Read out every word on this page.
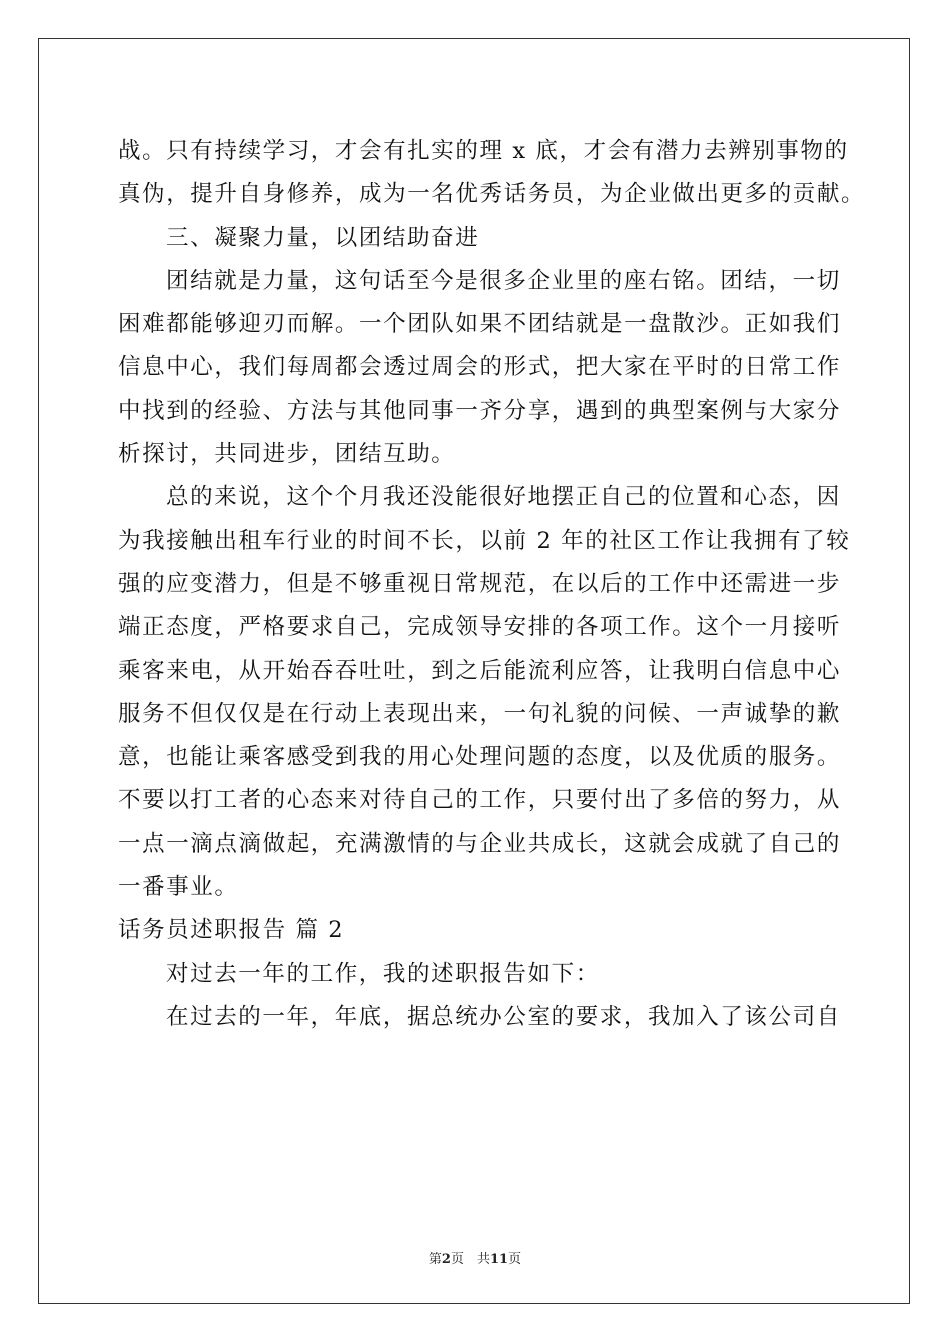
战。只有持续学习，才会有扎实的理 x 底，才会有潜力去辨别事物的
真伪，提升自身修养，成为一名优秀话务员，为企业做出更多的贡献。
三、凝聚力量，以团结助奋进
团结就是力量，这句话至今是很多企业里的座右铭。团结，一切
困难都能够迎刃而解。一个团队如果不团结就是一盘散沙。正如我们
信息中心，我们每周都会透过周会的形式，把大家在平时的日常工作
中找到的经验、方法与其他同事一齐分享，遇到的典型案例与大家分
析探讨，共同进步，团结互助。
总的来说，这个个月我还没能很好地摆正自己的位置和心态，因
为我接触出租车行业的时间不长，以前 2 年的社区工作让我拥有了较
强的应变潜力，但是不够重视日常规范，在以后的工作中还需进一步
端正态度，严格要求自己，完成领导安排的各项工作。这个一月接听
乘客来电，从开始吞吞吐吐，到之后能流利应答，让我明白信息中心
服务不但仅仅是在行动上表现出来，一句礼貌的问候、一声诚挚的歉
意，也能让乘客感受到我的用心处理问题的态度，以及优质的服务。
不要以打工者的心态来对待自己的工作，只要付出了多倍的努力，从
一点一滴点滴做起，充满激情的与企业共成长，这就会成就了自己的
一番事业。
话务员述职报告 篇 2
对过去一年的工作，我的述职报告如下：
在过去的一年，年底，据总统办公室的要求，我加入了该公司自
第2页　共11页
